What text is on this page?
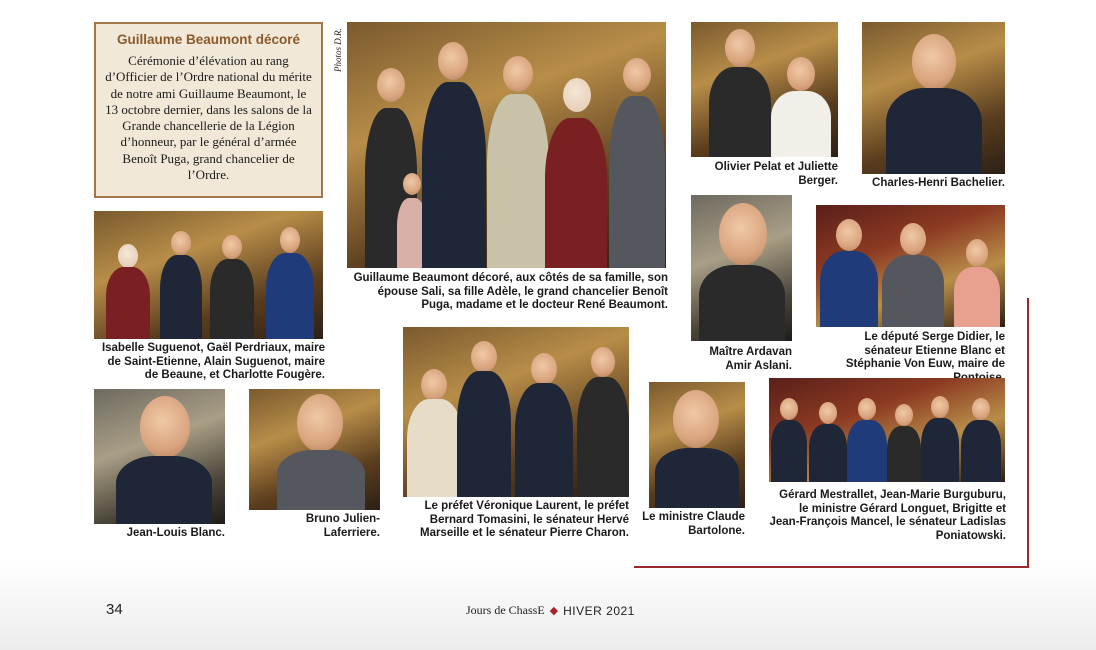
Guillaume Beaumont décoré

Cérémonie d’élévation au rang d’Officier de l’Ordre national du mérite de notre ami Guillaume Beaumont, le 13 octobre dernier, dans les salons de la Grande chancellerie de la Légion d’honneur, par le général d’armée Benoît Puga, grand chancelier de l’Ordre.

Photos D.R.
Guillaume Beaumont décoré, aux côtés de sa famille, son épouse Sali, sa fille Adèle, le grand chancelier Benoît Puga, madame et le docteur René Beaumont.
Isabelle Suguenot, Gaël Perdriaux, maire de Saint-Etienne, Alain Suguenot, maire de Beaune, et Charlotte Fougère.
Jean-Louis Blanc.
Bruno Julien-Laferriere.
Le préfet Véronique Laurent, le préfet Bernard Tomasini, le sénateur Hervé Marseille et le sénateur Pierre Charon.
Olivier Pelat et Juliette Berger.	Charles-Henri Bachelier.
Maître Ardavan Amir Aslani.
Le député Serge Didier, le sénateur Etienne Blanc et Stéphanie Von Euw, maire de
Le ministre Claude Bartolone.
Gérard Mestrallet, Jean-Marie Burguburu, le ministre Gérard Longuet, Brigitte et Jean-François Mancel, le sénateur Ladislas Poniatowski.
34	Jours de ChassE ◆ HIVER 2021
